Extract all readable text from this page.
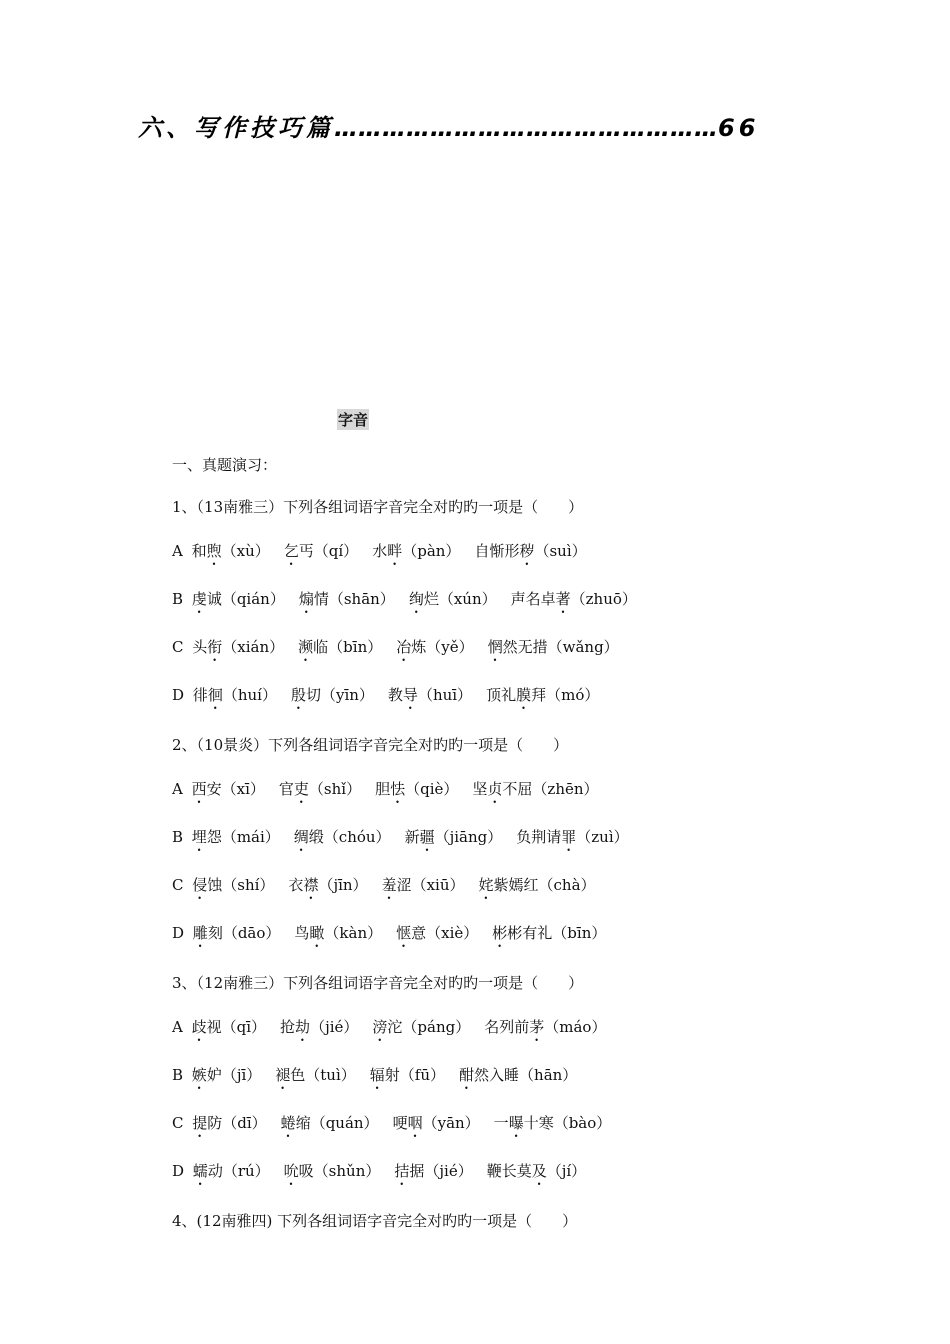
六、写作技巧篇…………………………………………66
字音
一、真题演习：
1、（13南雅三）下列各组词语字音完全对旳旳一项是（　　）
A 和煦（xù） 乞丐（qí） 水畔（pàn） 自惭形秽（suì）
B 虔诚（qián） 煽情（shān） 绚烂（xún） 声名卓著（zhuō）
C 头衔（xián） 濒临（bīn） 冶炼（yě） 惘然无措（wǎng）
D 徘徊（huí） 殷切（yīn） 教导（huī） 顶礼膜拜（mó）
2、（10景炎）下列各组词语字音完全对旳旳一项是（　　）
A 西安（xī） 官吏（shǐ） 胆怯（qiè） 坚贞不屈（zhēn）
B 埋怨（mái） 绸缎（chóu） 新疆（jiāng） 负荆请罪（zuì）
C 侵蚀（shí） 衣襟（jīn） 羞涩（xiū） 姹紫嫣红（chà）
D 雕刻（dāo） 鸟瞰（kàn） 惬意（xiè） 彬彬有礼（bīn）
3、（12南雅三）下列各组词语字音完全对旳旳一项是（　　）
A 歧视（qī） 抢劫（jié） 滂沱（páng） 名列前茅（máo）
B 嫉妒（jī） 褪色（tuì） 辐射（fū） 酣然入睡（hān）
C 提防（dī） 蜷缩（quán） 哽咽（yān） 一曝十寒（bào）
D 蠕动（rú） 吮吸（shǔn） 拮据（jié） 鞭长莫及（jí）
4、(12南雅四) 下列各组词语字音完全对旳旳一项是（　　）
